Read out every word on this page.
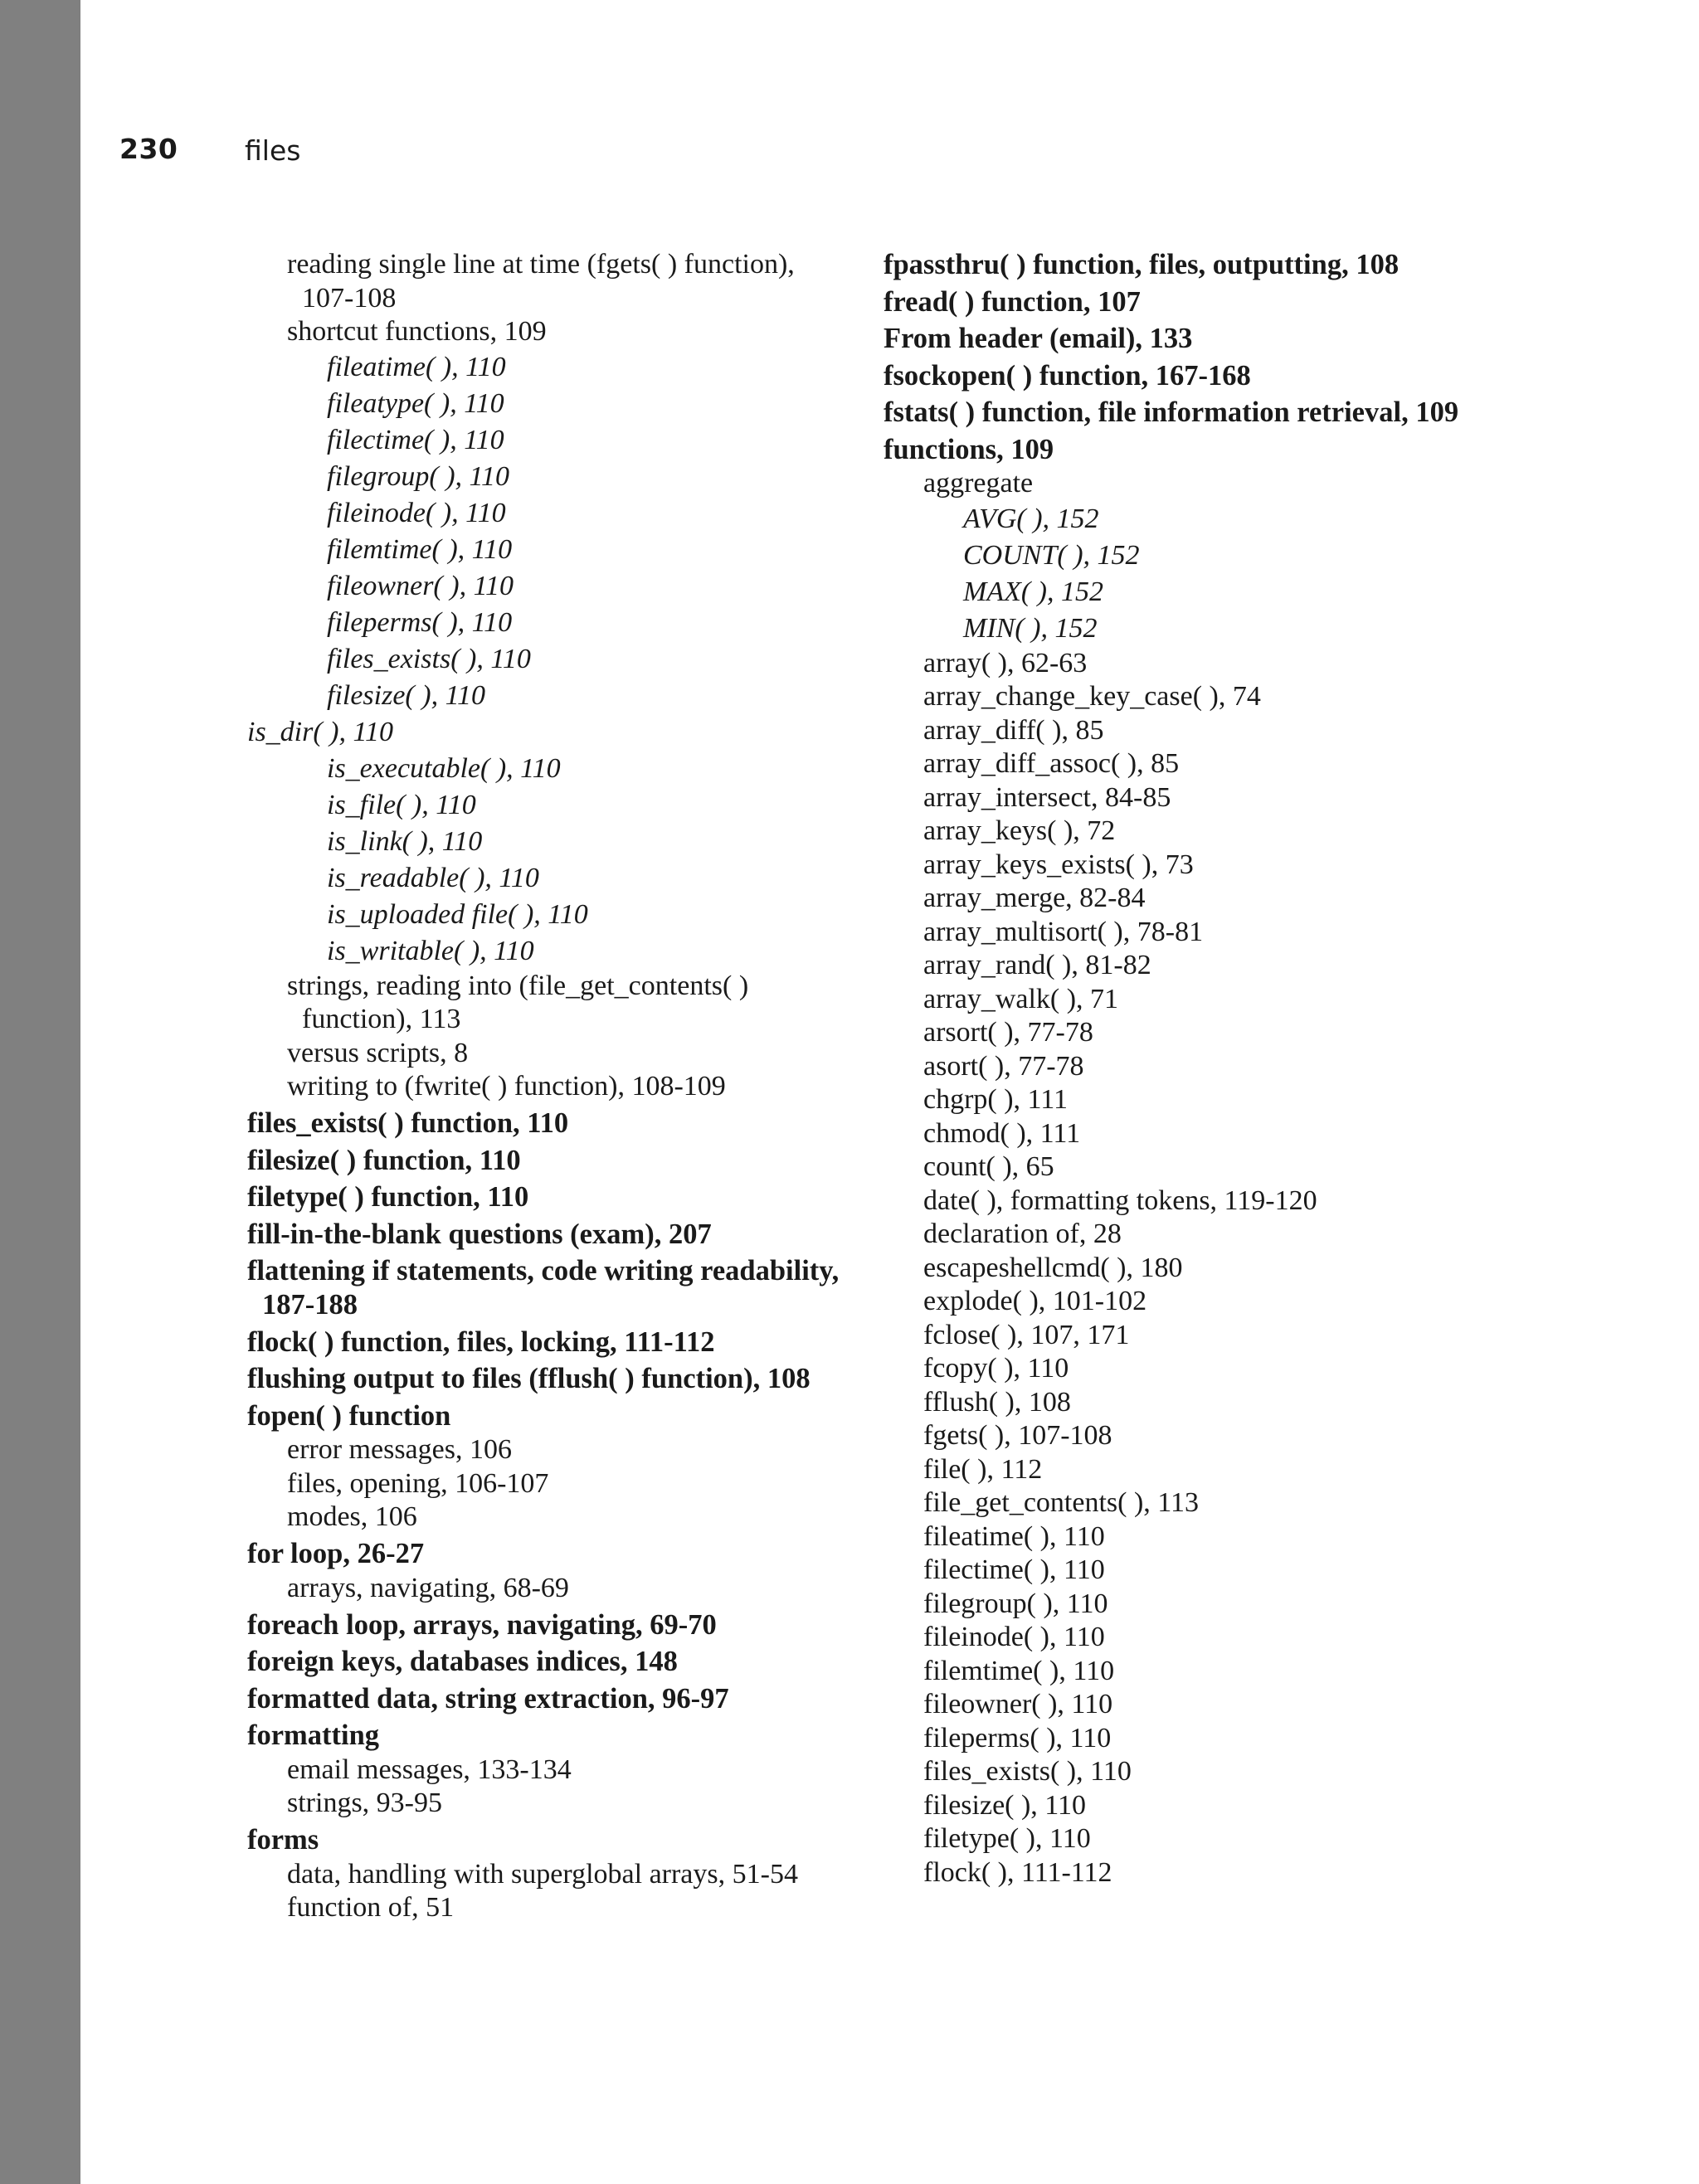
230 files

reading single line at time (fgets( ) function), 107-108

shortcut functions, 109

fileatime( ), 110

fileatype( ), 110

filectime( ), 110

filegroup( ), 110

fileinode( ), 110

filemtime( ), 110

fileowner( ), 110

fileperms( ), 110

files_exists( ), 110

filesize( ), 110

is_dir( ), 110

is_executable( ), 110

is_file( ), 110

is_link( ), 110

is_readable( ), 110

is_uploaded file( ), 110

is_writable( ), 110

strings, reading into (file_get_contents( ) function), 113

versus scripts, 8

writing to (fwrite( ) function), 108-109

files_exists( ) function, 110

filesize( ) function, 110

filetype( ) function, 110

fill-in-the-blank questions (exam), 207

flattening if statements, code writing readability, 187-188

flock( ) function, files, locking, 111-112

flushing output to files (fflush( ) function), 108

fopen( ) function

error messages, 106

files, opening, 106-107

modes, 106

for loop, 26-27

arrays, navigating, 68-69

foreach loop, arrays, navigating, 69-70

foreign keys, databases indices, 148

formatted data, string extraction, 96-97

formatting

email messages, 133-134

strings, 93-95

forms

data, handling with superglobal arrays, 51-54

function of, 51

fpassthru( ) function, files, outputting, 108

fread( ) function, 107

From header (email), 133

fsockopen( ) function, 167-168

fstats( ) function, file information retrieval, 109

functions, 109

aggregate

AVG( ), 152

COUNT( ), 152

MAX( ), 152

MIN( ), 152

array( ), 62-63

array_change_key_case( ), 74

array_diff( ), 85

array_diff_assoc( ), 85

array_intersect, 84-85

array_keys( ), 72

array_keys_exists( ), 73

array_merge, 82-84

array_multisort( ), 78-81

array_rand( ), 81-82

array_walk( ), 71

arsort( ), 77-78

asort( ), 77-78

chgrp( ), 111

chmod( ), 111

count( ), 65

date( ), formatting tokens, 119-120

declaration of, 28

escapeshellcmd( ), 180

explode( ), 101-102

fclose( ), 107, 171

fcopy( ), 110

fflush( ), 108

fgets( ), 107-108

file( ), 112

file_get_contents( ), 113

fileatime( ), 110

filectime( ), 110

filegroup( ), 110

fileinode( ), 110

filemtime( ), 110

fileowner( ), 110

fileperms( ), 110

files_exists( ), 110

filesize( ), 110

filetype( ), 110

flock( ), 111-112
